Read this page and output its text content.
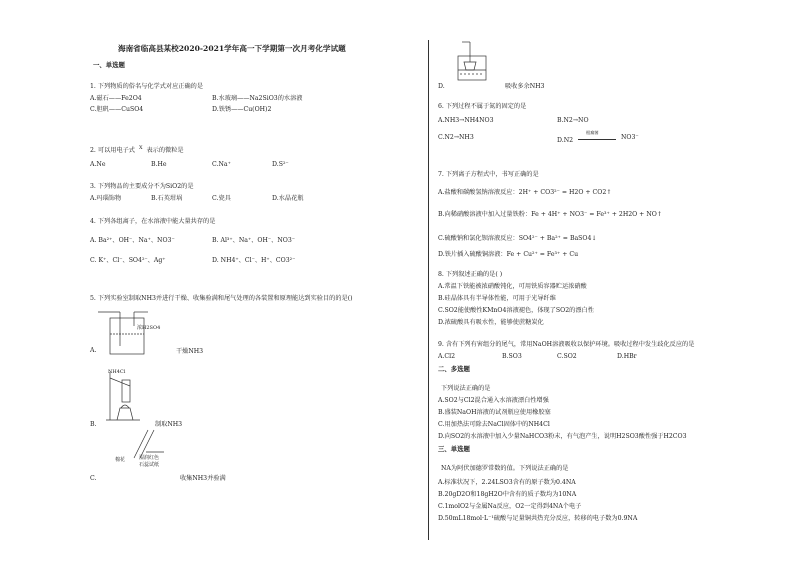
海南省临高县某校2020-2021学年高一下学期第一次月考化学试题
一、单选题
1. 下列物质的俗名与化学式对应正确的是
A.磁石——Fe2O4	B.水玻璃——Na2SiO3的水溶液
C.胆矾——CuSO4	D.铁锈——Cu(OH)2
2. 可以用电子式 $^X$ 表示的微粒是
A.Ne	B.He	C.Na⁺	D.S²⁻
3. 下列物品的主要成分不为SiO2的是
A.玛瑙饰物	B.石英坩埚	C.瓷具	D.水晶花瓶
4. 下列各组离子，在水溶液中能大量共存的是
A. Ba²⁺、OH⁻、Na⁺、NO3⁻	B. Al³⁺、Na⁺、OH⁻、NO3⁻
C. K⁺、Cl⁻、SO4²⁻、Ag⁺	D. NH4⁺、Cl⁻、H⁺、CO3²⁻
5. 下列实验室制取NH3并进行干燥、收集验满和尾气处理的各装置和原理能达到实验目的的是()
浓H2SO4
A.	干燥NH3
NH4Cl
B.	制取NH3
棉花	湿润红色
石蕊试纸
C.	收集NH3并验满
D.	吸收多余NH3
6. 下列过程不属于氮的固定的是
A.NH3→NH4NO3	B.N2→NO
C.N2→NH3	D.N2
根瘤菌
NO3⁻
7. 下列离子方程式中，书写正确的是
A.盐酸和碳酸氢钠溶液反应：2H⁺ + CO3²⁻ = H2O + CO2↑
B.向稀硝酸溶液中加入过量铁粉：Fe + 4H⁺ + NO3⁻ = Fe³⁺ + 2H2O + NO↑
C.硫酸钠和氯化钡溶液反应：SO4²⁻ + Ba²⁺ = BaSO4↓
D.铁片插入硫酸铜溶液：Fe + Cu²⁺ = Fe³⁺ + Cu
8. 下列叙述正确的是( )
A.常温下铁能被浓硝酸钝化，可用铁质容器贮运浓硝酸
B.硅晶体具有半导体性能，可用于光导纤维
C.SO2能使酸性KMnO4溶液褪色，体现了SO2的漂白性
D.浓硫酸具有吸水性，能够使蔗糖炭化
9. 含有下列有害组分的尾气，常用NaOH溶液吸收以保护环境。吸收过程中发生歧化反应的是
A.Cl2	B.SO3	C.SO2	D.HBr
二、多选题
下列说法正确的是
A.SO2与Cl2混合通入水溶液漂白性增强
B.盛装NaOH溶液的试剂瓶应使用橡胶塞
C.用加热法可除去NaCl固体中的NH4Cl
D.向SO2的水溶液中加入少量NaHCO3粉末，有气泡产生，说明H2SO3酸性强于H2CO3
三、单选题
NA为阿伏加德罗常数的值。下列说法正确的是
A.标准状况下，2.24LSO3含有的原子数为0.4NA
B.20gD2O和18gH2O中含有的质子数均为10NA
C.1molO2与金属Na反应，O2一定得到4NA个电子
D.50mL18mol·L⁻¹硫酸与足量铜共热充分反应，转移的电子数为0.9NA
